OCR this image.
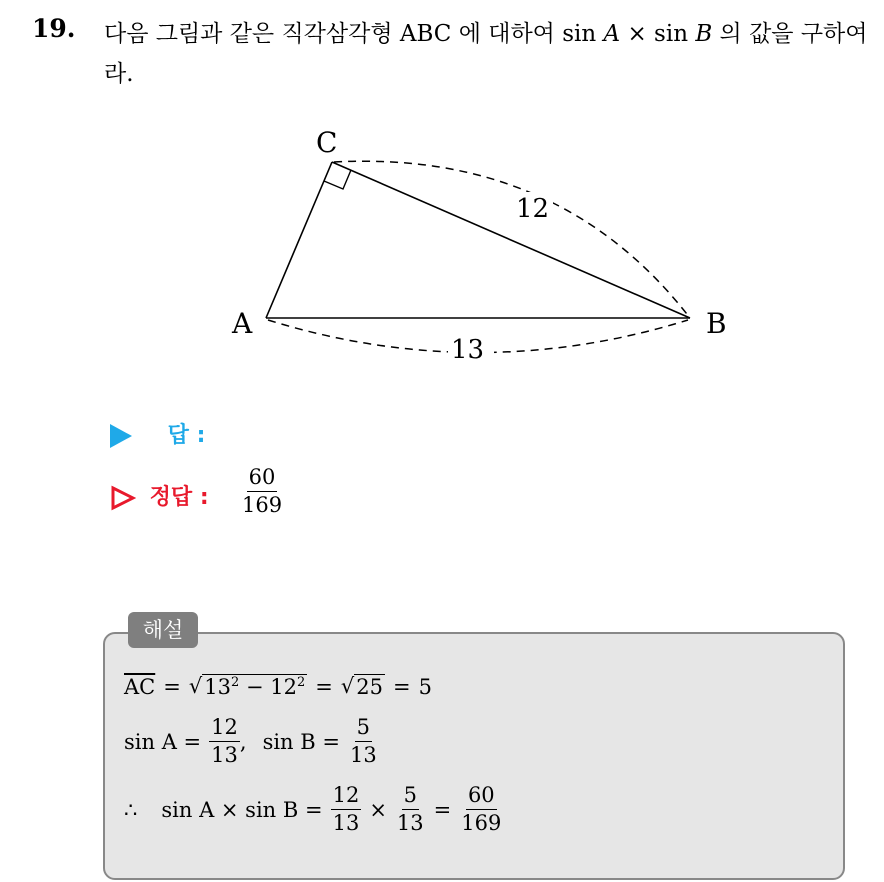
19. 다음 그림과 같은 직각삼각형 ABC 에 대하여 sin A × sin B 의 값을 구하여라.
C
A	B
12
13
답 :
정답 : $\frac{60}{169}$
해설
$\overline{AC}$ = √ $13^2 - 12^2$ = √ 25 = 5
$\sin A = \frac{12}{13}$ , $\sin B = \frac{5}{13}$
∴ $\sin A \times \sin B = \frac{12}{13} \times \frac{5}{13} = \frac{60}{169}$
